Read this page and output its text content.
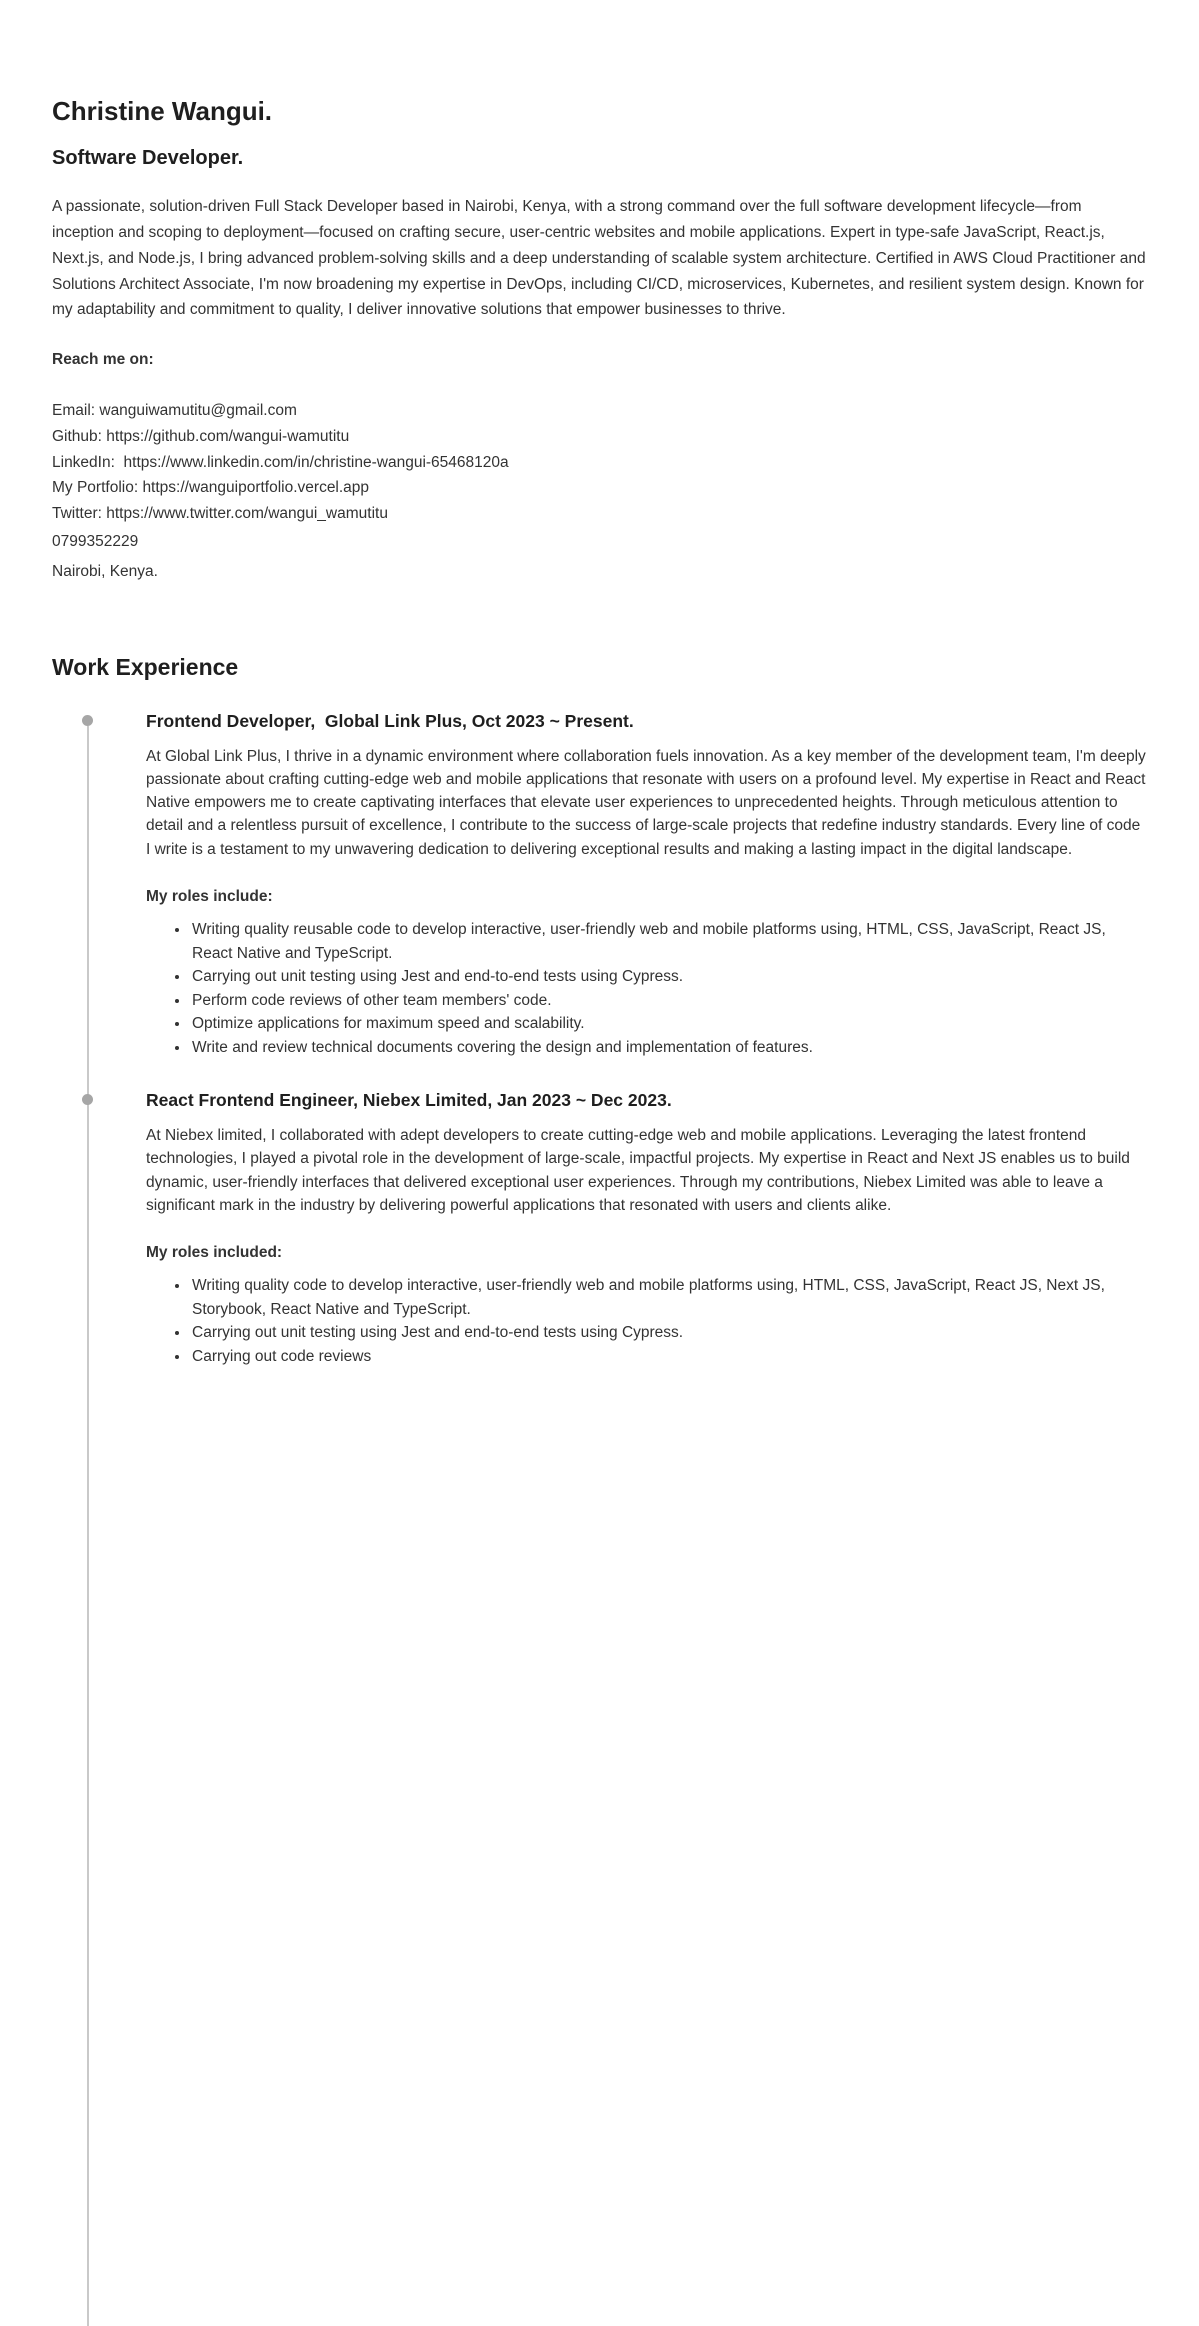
Christine Wangui.
Software Developer.

A passionate, solution-driven Full Stack Developer based in Nairobi, Kenya, with a strong command over the full software development lifecycle—from inception and scoping to deployment—focused on crafting secure, user-centric websites and mobile applications. Expert in type-safe JavaScript, React.js, Next.js, and Node.js, I bring advanced problem-solving skills and a deep understanding of scalable system architecture. Certified in AWS Cloud Practitioner and Solutions Architect Associate, I'm now broadening my expertise in DevOps, including CI/CD, microservices, Kubernetes, and resilient system design. Known for my adaptability and commitment to quality, I deliver innovative solutions that empower businesses to thrive.

Reach me on:

Email: wanguiwamutitu@gmail.com
Github: https://github.com/wangui-wamutitu
LinkedIn:  https://www.linkedin.com/in/christine-wangui-65468120a
My Portfolio: https://wanguiportfolio.vercel.app
Twitter: https://www.twitter.com/wangui_wamutitu
0799352229
Nairobi, Kenya.
Work Experience
Frontend Developer,  Global Link Plus, Oct 2023 ~ Present.

At Global Link Plus, I thrive in a dynamic environment where collaboration fuels innovation. As a key member of the development team, I'm deeply passionate about crafting cutting-edge web and mobile applications that resonate with users on a profound level. My expertise in React and React Native empowers me to create captivating interfaces that elevate user experiences to unprecedented heights. Through meticulous attention to detail and a relentless pursuit of excellence, I contribute to the success of large-scale projects that redefine industry standards. Every line of code I write is a testament to my unwavering dedication to delivering exceptional results and making a lasting impact in the digital landscape.

My roles include:

• Writing quality reusable code to develop interactive, user-friendly web and mobile platforms using, HTML, CSS, JavaScript, React JS, React Native and TypeScript.
• Carrying out unit testing using Jest and end-to-end tests using Cypress.
• Perform code reviews of other team members' code.
• Optimize applications for maximum speed and scalability.
• Write and review technical documents covering the design and implementation of features.
React Frontend Engineer, Niebex Limited, Jan 2023 ~ Dec 2023.

At Niebex limited, I collaborated with adept developers to create cutting-edge web and mobile applications. Leveraging the latest frontend technologies, I played a pivotal role in the development of large-scale, impactful projects. My expertise in React and Next JS enables us to build dynamic, user-friendly interfaces that delivered exceptional user experiences. Through my contributions, Niebex Limited was able to leave a significant mark in the industry by delivering powerful applications that resonated with users and clients alike.

My roles included:

• Writing quality code to develop interactive, user-friendly web and mobile platforms using, HTML, CSS, JavaScript, React JS, Next JS, Storybook, React Native and TypeScript.
• Carrying out unit testing using Jest and end-to-end tests using Cypress.
• Carrying out code reviews
